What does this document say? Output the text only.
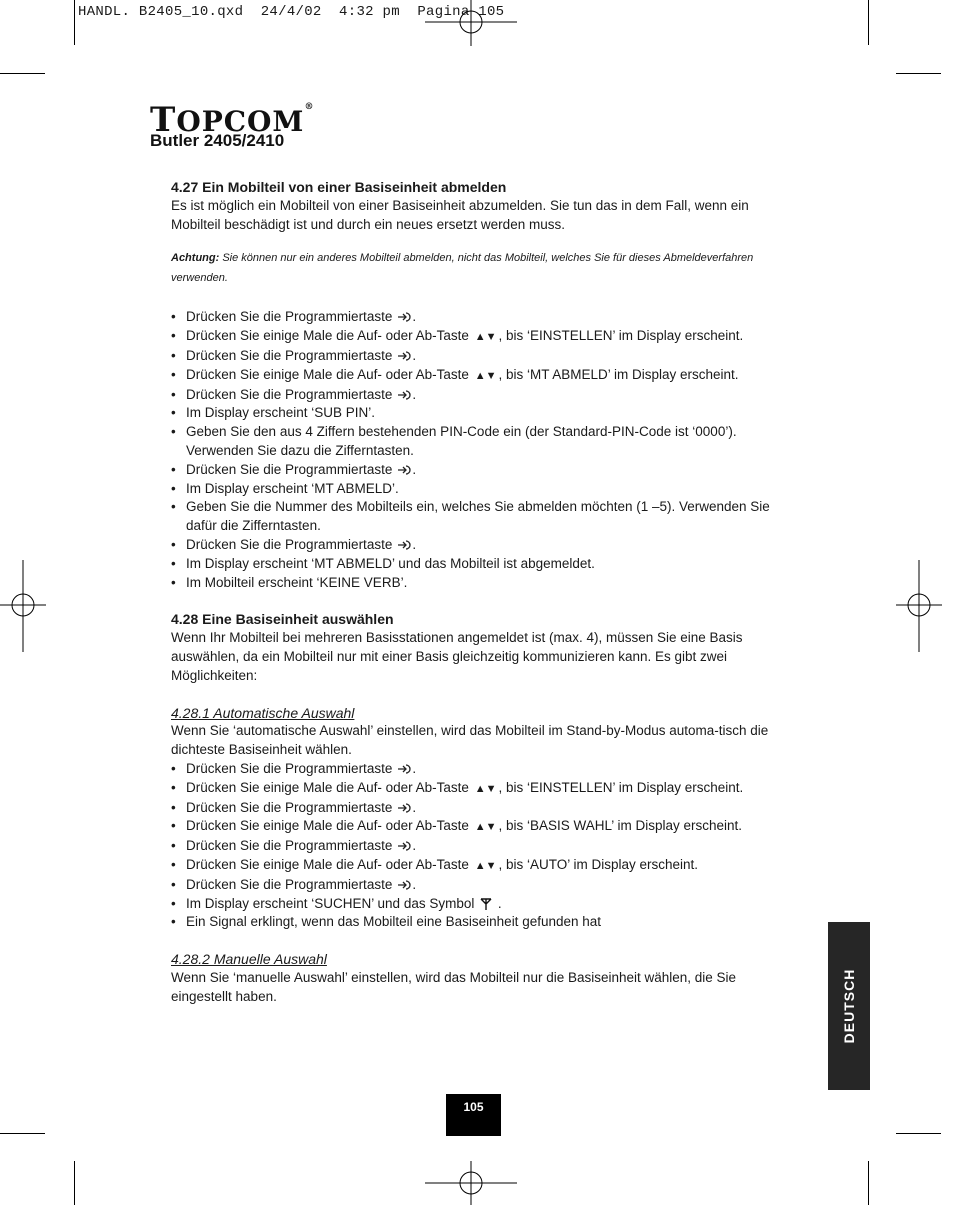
HANDL. B2405_10.qxd  24/4/02  4:32 pm  Pagina 105
TOPCOM®
Butler 2405/2410

4.27 Ein Mobilteil von einer Basiseinheit abmelden

Es ist möglich ein Mobilteil von einer Basiseinheit abzumelden. Sie tun das in dem Fall, wenn ein Mobilteil beschädigt ist und durch ein neues ersetzt werden muss.

Achtung: Sie können nur ein anderes Mobilteil abmelden, nicht das Mobilteil, welches Sie für dieses Abmeldeverfahren verwenden.

• Drücken Sie die Programmiertaste .
• Drücken Sie einige Male die Auf- oder Ab-Taste ▲▼ , bis ‘EINSTELLEN’ im Display erscheint.
• Drücken Sie die Programmiertaste .
• Drücken Sie einige Male die Auf- oder Ab-Taste ▲▼ , bis ‘MT ABMELD’ im Display erscheint.
• Drücken Sie die Programmiertaste .
• Im Display erscheint ‘SUB PIN’.
• Geben Sie den aus 4 Ziffern bestehenden PIN-Code ein (der Standard-PIN-Code ist ‘0000’). Verwenden Sie dazu die Zifferntasten.
• Drücken Sie die Programmiertaste .
• Im Display erscheint ‘MT ABMELD’.
• Geben Sie die Nummer des Mobilteils ein, welches Sie abmelden möchten (1 –5). Verwenden Sie dafür die Zifferntasten.
• Drücken Sie die Programmiertaste .
• Im Display erscheint ‘MT ABMELD’ und das Mobilteil ist abgemeldet.
• Im Mobilteil erscheint ‘KEINE VERB’.

4.28 Eine Basiseinheit auswählen

Wenn Ihr Mobilteil bei mehreren Basisstationen angemeldet ist (max. 4), müssen Sie eine Basis auswählen, da ein Mobilteil nur mit einer Basis gleichzeitig kommunizieren kann. Es gibt zwei Möglichkeiten:

4.28.1 Automatische Auswahl

Wenn Sie ‘automatische Auswahl’ einstellen, wird das Mobilteil im Stand-by-Modus automa-tisch die dichteste Basiseinheit wählen.

• Drücken Sie die Programmiertaste .
• Drücken Sie einige Male die Auf- oder Ab-Taste ▲▼ , bis ‘EINSTELLEN’ im Display erscheint.
• Drücken Sie die Programmiertaste .
• Drücken Sie einige Male die Auf- oder Ab-Taste ▲▼ , bis ‘BASIS WAHL’ im Display erscheint.
• Drücken Sie die Programmiertaste .
• Drücken Sie einige Male die Auf- oder Ab-Taste ▲▼ , bis ‘AUTO’ im Display erscheint.
• Drücken Sie die Programmiertaste .
• Im Display erscheint ‘SUCHEN’ und das Symbol  .
• Ein Signal erklingt, wenn das Mobilteil eine Basiseinheit gefunden hat

4.28.2 Manuelle Auswahl

Wenn Sie ‘manuelle Auswahl’ einstellen, wird das Mobilteil nur die Basiseinheit wählen, die Sie eingestellt haben.	DEUTSCH
105
